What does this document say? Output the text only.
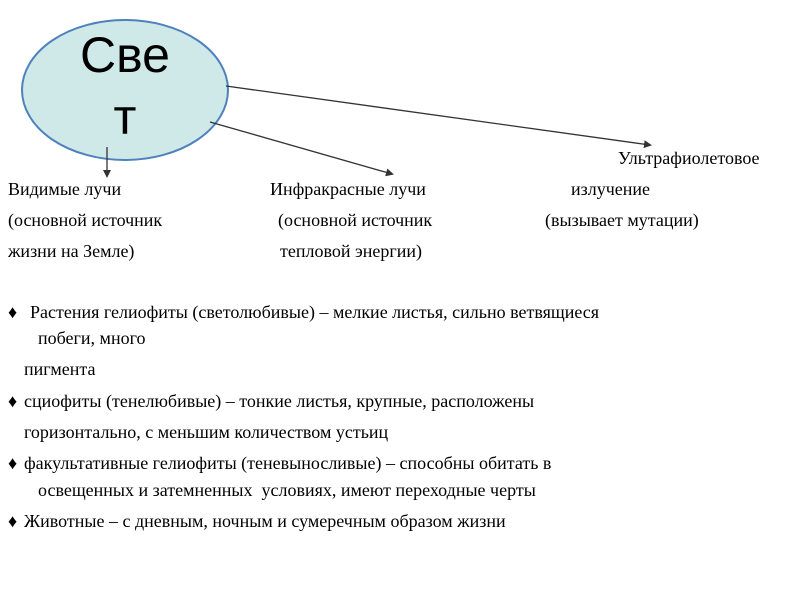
Све
т
Видимые лучи
(основной источник
жизни на Земле)
Инфракрасные лучи
(основной источник
тепловой энергии)
Ультрафиолетовое
излучение
(вызывает мутации)
♦ Растения гелиофиты (светолюбивые) – мелкие листья, сильно ветвящиеся
побеги, много
пигмента
♦ сциофиты (тенелюбивые) – тонкие листья, крупные, расположены
горизонтально, с меньшим количеством устьиц
♦ факультативные гелиофиты (теневыносливые) – способны обитать в
освещенных и затемненных  условиях, имеют переходные черты
♦ Животные – с дневным, ночным и сумеречным образом жизни
